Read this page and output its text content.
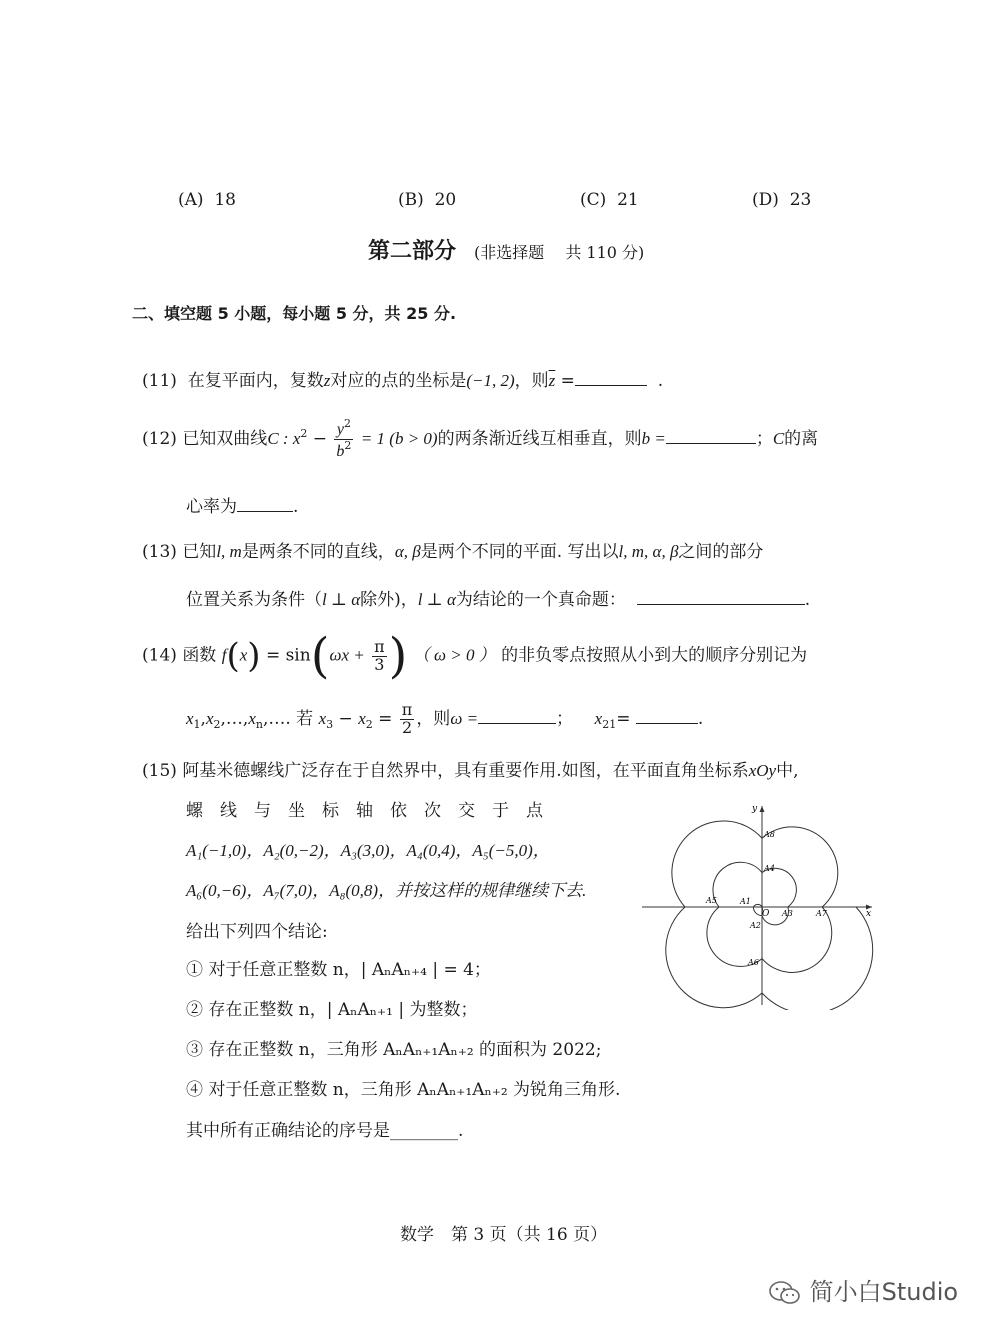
(A) 18	(B) 20	(C) 21	(D) 23
第二部分 (非选择题　 共 110 分)
二、填空题 5 小题，每小题 5 分，共 25 分.
(11) 在复平面内，复数z对应的点的坐标是(−1, 2)，则$\overline{z}$ =	.
(12) 已知双曲线C : $x^2 - \frac{y^2}{b^2} = 1$ (b > 0)的两条渐近线互相垂直，则b =	；C的离
心率为	.
(13) 已知l, m是两条不同的直线，α, β是两个不同的平面. 写出以l, m, α, β之间的部分
位置关系为条件（l ⊥ α除外)，l ⊥ α为结论的一个真命题：	.
(14) 函数 $f(x) = \sin(\omega x + \frac{\pi}{3}$ ) （ ω > 0 ） 的非负零点按照从小到大的顺序分别记为
$x_1,x_2,\dots,x_n,\dots$. 若 $x_3 - x_2 = \frac{\pi}{2}$ ，则ω =	； $x_{21}=$	.
(15) 阿基米德螺线广泛存在于自然界中，具有重要作用.如图，在平面直角坐标系xOy中,
螺　线　与　坐　标　轴　依　次　交　于　点
A₁(−1,0)，A₂(0,−2)，A₃(3,0)，A₄(0,4)，A₅(−5,0)，
A₆(0,−6)，A₇(7,0)，A₈(0,8)，并按这样的规律继续下去.
给出下列四个结论:
① 对于任意正整数 n，| AₙAₙ₊₄ | = 4；
② 存在正整数 n，| AₙAₙ₊₁ | 为整数；
③ 存在正整数 n，三角形 AₙAₙ₊₁Aₙ₊₂ 的面积为 2022;
④ 对于任意正整数 n，三角形 AₙAₙ₊₁Aₙ₊₂ 为锐角三角形.
其中所有正确结论的序号是________.
x
y
O
A1
A2
A3
A4
A5
A6
A7
A8
数学　第 3 页（共 16 页）
简小白Studio
